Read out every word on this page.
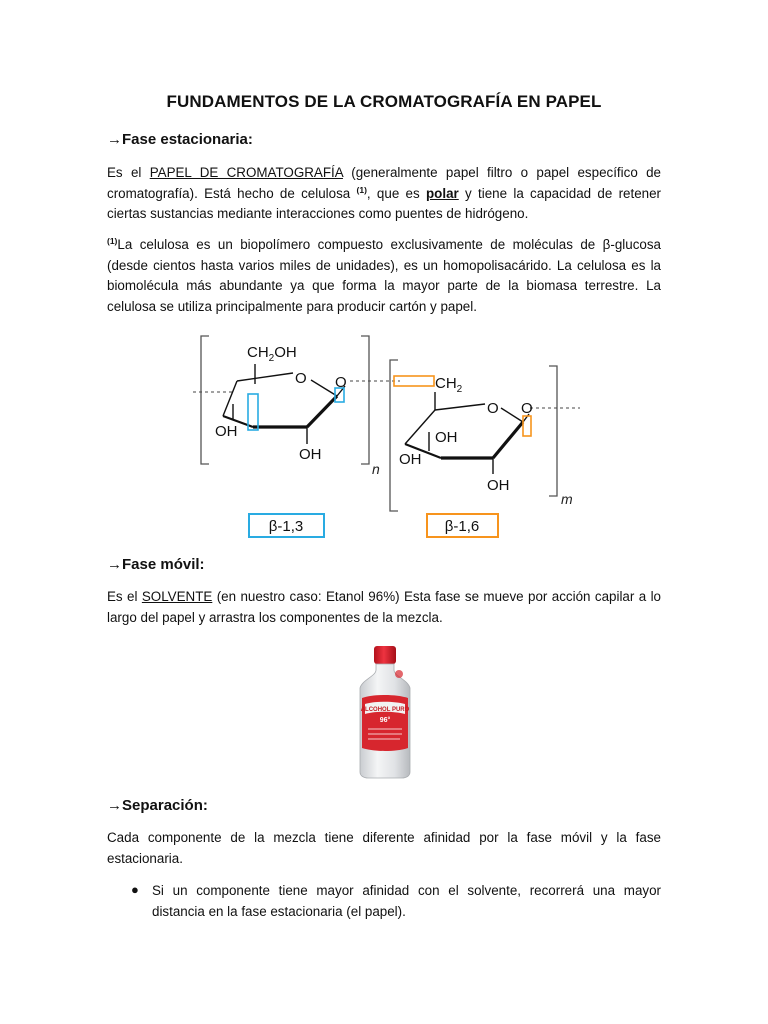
FUNDAMENTOS DE LA CROMATOGRAFÍA EN PAPEL
→Fase estacionaria:
Es el PAPEL DE CROMATOGRAFÍA (generalmente papel filtro o papel específico de cromatografía). Está hecho de celulosa $^{(1)}$, que es polar y tiene la capacidad de retener ciertas sustancias mediante interacciones como puentes de hidrógeno.
$^{(1)}$La celulosa es un biopolímero compuesto exclusivamente de moléculas de β-glucosa (desde cientos hasta varios miles de unidades), es un homopolisacárido. La celulosa es la biomolécula más abundante ya que forma la mayor parte de la biomasa terrestre. La celulosa se utiliza principalmente para producir cartón y papel.
n
$CH_2OH$
O O
OH
OH
m
$CH_2$
O O
OH
OH
OH
β-1,3	β-1,6
→Fase móvil:
Es el SOLVENTE (en nuestro caso: Etanol 96%) Esta fase se mueve por acción capilar a lo largo del papel y arrastra los componentes de la mezcla.
ALCOHOL PURO
96°
→Separación:
Cada componente de la mezcla tiene diferente afinidad por la fase móvil y la fase estacionaria.
● Si un componente tiene mayor afinidad con el solvente, recorrerá una mayor distancia en la fase estacionaria (el papel).
